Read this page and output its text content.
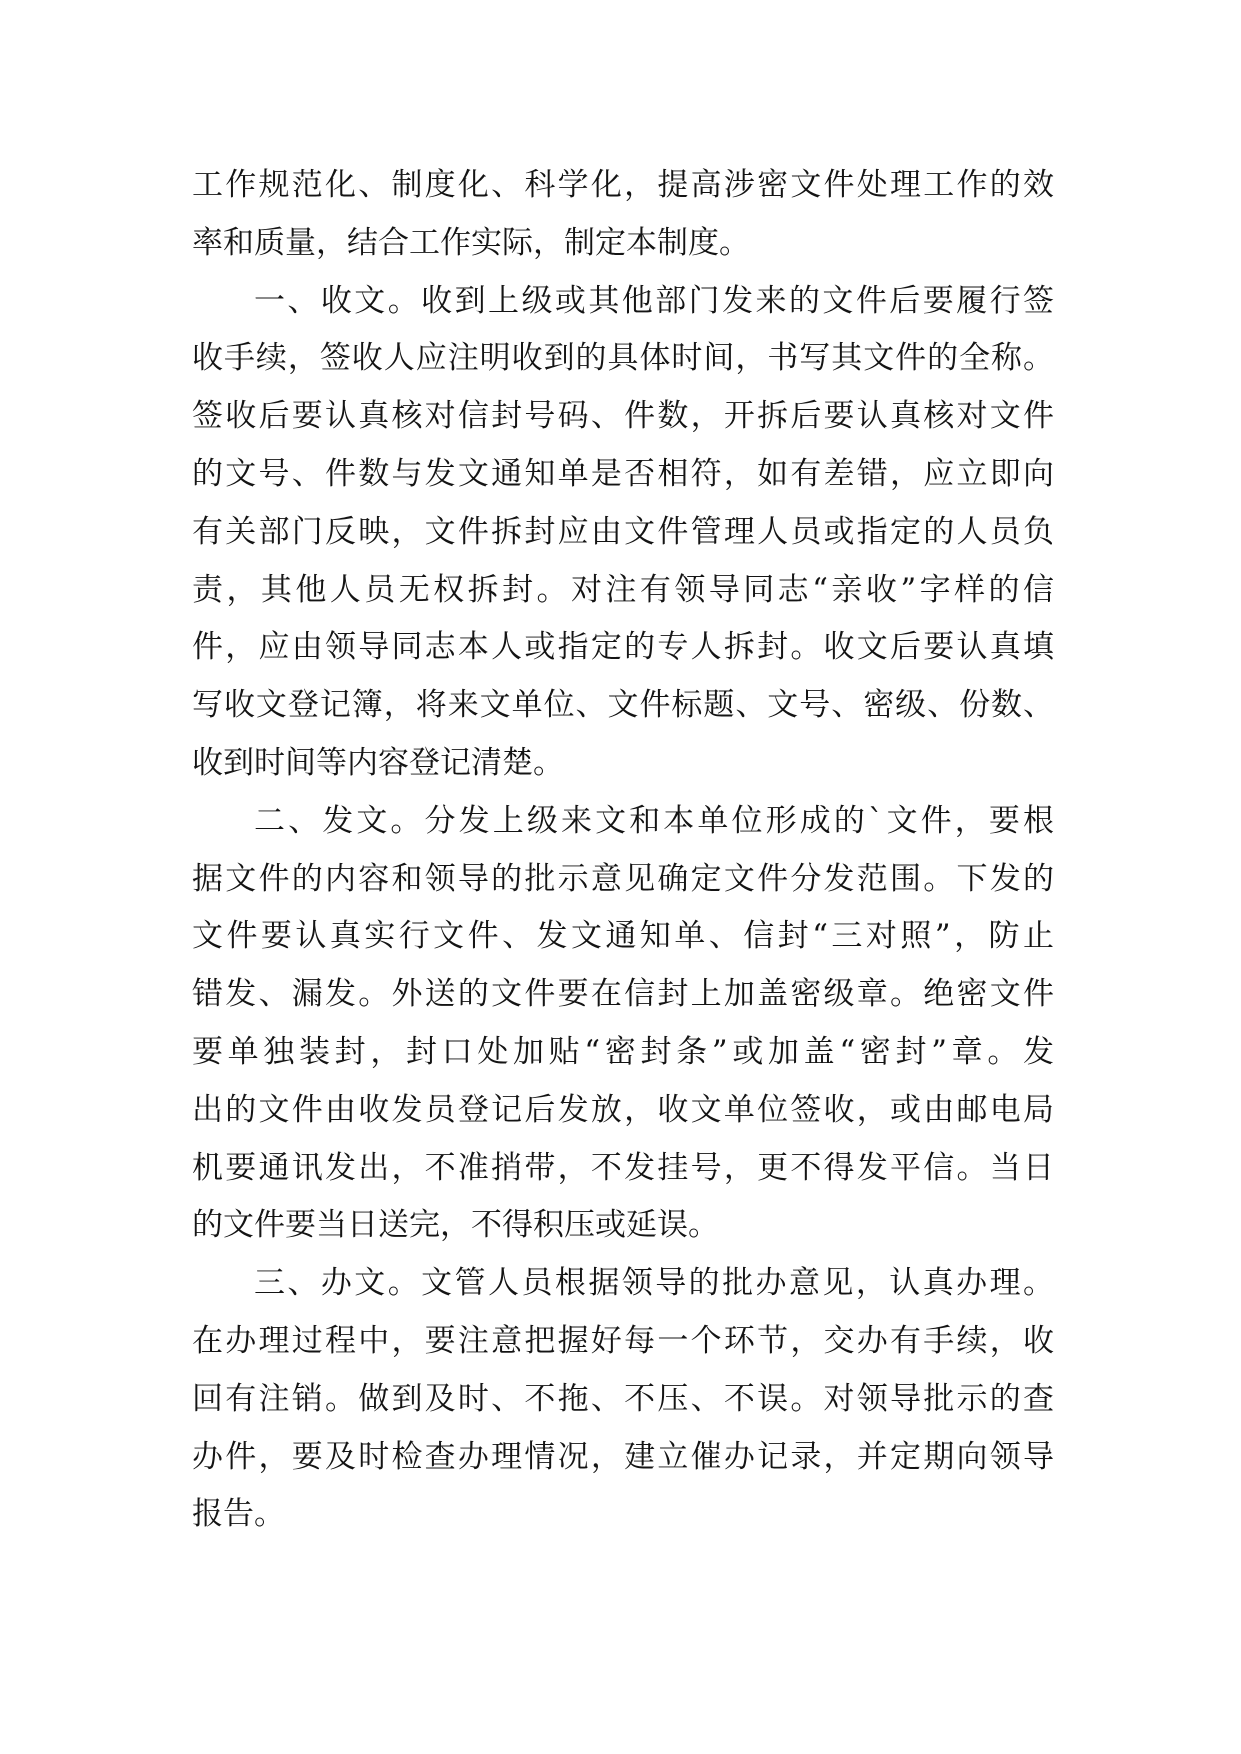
工作规范化、制度化、科学化，提高涉密文件处理工作的效
率和质量，结合工作实际，制定本制度。
一、收文。收到上级或其他部门发来的文件后要履行签
收手续，签收人应注明收到的具体时间，书写其文件的全称。
签收后要认真核对信封号码、件数，开拆后要认真核对文件
的文号、件数与发文通知单是否相符，如有差错，应立即向
有关部门反映，文件拆封应由文件管理人员或指定的人员负
责，其他人员无权拆封。对注有领导同志“亲收”字样的信
件，应由领导同志本人或指定的专人拆封。收文后要认真填
写收文登记簿，将来文单位、文件标题、文号、密级、份数、
收到时间等内容登记清楚。
二、发文。分发上级来文和本单位形成的`文件，要根
据文件的内容和领导的批示意见确定文件分发范围。下发的
文件要认真实行文件、发文通知单、信封“三对照”，防止
错发、漏发。外送的文件要在信封上加盖密级章。绝密文件
要单独装封，封口处加贴“密封条”或加盖“密封”章。发
出的文件由收发员登记后发放，收文单位签收，或由邮电局
机要通讯发出，不准捎带，不发挂号，更不得发平信。当日
的文件要当日送完，不得积压或延误。
三、办文。文管人员根据领导的批办意见，认真办理。
在办理过程中，要注意把握好每一个环节，交办有手续，收
回有注销。做到及时、不拖、不压、不误。对领导批示的查
办件，要及时检查办理情况，建立催办记录，并定期向领导
报告。
